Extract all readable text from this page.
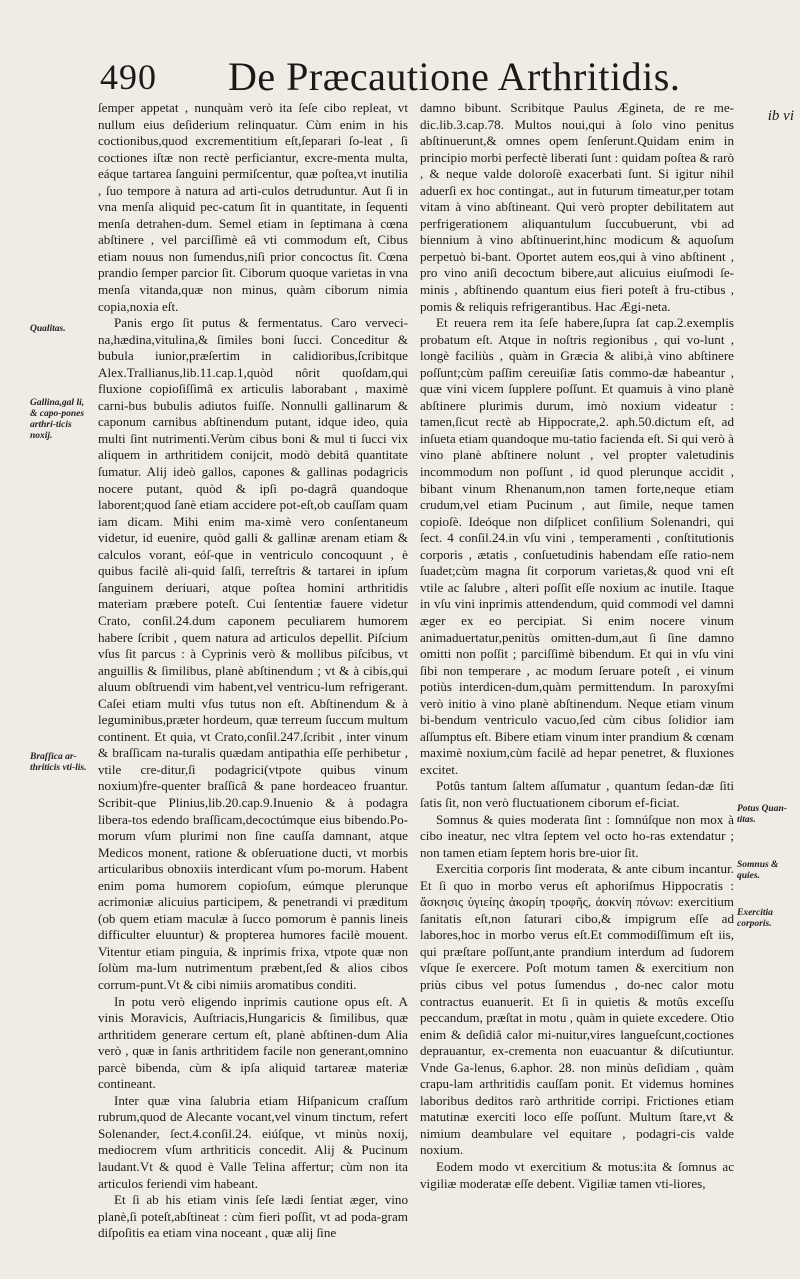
490 De Præcautione Arthritidis.
ib vi

ſemper appetat , nunquàm verò ita ſeſe cibo repleat, vt nullum eius deſiderium relinquatur. Cùm enim in his coctionibus,quod excrementitium eſt,ſeparari ſo-leat , ſi coctiones iſtæ non rectè perficiantur, excre-menta multa, eáque tartarea ſanguini permiſcentur, quæ poſtea,vt inutilia , ſuo tempore à natura ad arti-culos detruduntur. Aut ſi in vna menſa aliquid pec-catum ſit in quantitate, in ſequenti menſa detrahen-dum. Semel etiam in ſeptimana à cœna abſtinere , vel parciſſimè eâ vti commodum eſt, Cibus etiam nouus non ſumendus,niſi prior concoctus ſit. Cœna prandio ſemper parcior ſit. Ciborum quoque varietas in vna menſa vitanda,quæ non minus, quàm ciborum nimia copia,noxia eſt.

Panis ergo ſit putus & fermentatus. Caro verveci-na,hædina,vitulina,& ſimiles boni ſucci. Conceditur & bubula iunior,præſertim in calidioribus,ſcribitque Alex.Trallianus,lib.11.cap.1,quòd nôrit quoſdam,qui fluxione copioſiſſimâ ex articulis laborabant , maximè carni-bus bubulis adiutos fuiſſe. Nonnulli gallinarum & caponum carnibus abſtinendum putant, idque ideo, quia multi ſint nutrimenti.Verùm cibus boni & mul ti ſucci vix aliquem in arthritidem conijcit, modò debitâ quantitate ſumatur. Alij ideò gallos, capones & gallinas podagricis nocere putant, quòd & ipſi po-dagrâ quandoque laborent;quod ſanè etiam accidere pot-eſt,ob cauſſam quam iam dicam. Mihi enim ma-ximè vero conſentaneum videtur, id euenire, quòd galli & gallinæ arenam etiam & calculos vorant, eóſ-que in ventriculo concoquunt , è quibus facilè ali-quid ſalſi, terreſtris & tartarei in ipſum ſanguinem deriuari, atque poſtea homini arthritidis materiam præbere poteſt. Cui ſententiæ fauere videtur Crato, conſil.24.dum caponem peculiarem humorem habere ſcribit , quem natura ad articulos depellit. Piſcium vſus ſit parcus : à Cyprinis verò & mollibus piſcibus, vt anguillis & ſimilibus, planè abſtinendum ; vt & à cibis,qui aluum obſtruendi vim habent,vel ventricu-lum refrigerant. Caſei etiam multi vſus tutus non eſt. Abſtinendum & à leguminibus,præter hordeum, quæ terreum ſuccum multum continent. Et quia, vt Crato,conſil.247.ſcribit , inter vinum & braſſicam na-turalis quædam antipathia eſſe perhibetur , vtile cre-ditur,ſi podagrici(vtpote quibus vinum noxium)fre-quenter braſſicâ & pane hordeaceo fruantur. Scribit-que Plinius,lib.20.cap.9.Inuenio & à podagra libera-tos edendo braſſicam,decoctúmque eius bibendo.Po-morum vſum plurimi non ſine cauſſa damnant, atque Medicos monent, ratione & obſeruatione ducti, vt morbis articularibus obnoxiis interdicant vſum po-morum. Habent enim poma humorem copioſum, eúmque plerunque acrimoniæ alicuius participem, & penetrandi vi præditum (ob quem etiam maculæ à ſucco pomorum è pannis lineis difficulter eluuntur) & propterea humores facilè mouent. Vitentur etiam pinguia, & inprimis frixa, vtpote quæ non ſolùm ma-lum nutrimentum præbent,ſed & alios cibos corrum-punt.Vt & cibi nimiis aromatibus conditi.

In potu verò eligendo inprimis cautione opus eſt. A vinis Moravicis, Auſtriacis,Hungaricis & ſimilibus, quæ arthritidem generare certum eſt, planè abſtinen-dum Alia verò , quæ in ſanis arthritidem facile non generant,omnino parcè bibenda, cùm & ipſa aliquid tartareæ materiæ contineant.

Inter quæ vina ſalubria etiam Hiſpanicum craſſum rubrum,quod de Alecante vocant,vel vinum tinctum, refert Solenander, ſect.4.conſil.24. eiúſque, vt minùs noxij, mediocrem vſum arthriticis concedit. Alij & Pucinum laudant.Vt & quod è Valle Telina affertur; cùm non ita articulos feriendi vim habeant.

Et ſi ab his etiam vinis ſeſe lædi ſentiat æger, vino planè,ſi poteſt,abſtineat : cùm fieri poſſit, vt ad poda-gram diſpoſitis ea etiam vina noceant , quæ alij ſine

damno bibunt. Scribitque Paulus Ægineta, de re me-dic.lib.3.cap.78. Multos noui,qui à ſolo vino penitus abſtinuerunt,& omnes opem ſenſerunt.Quidam enim in principio morbi perfectè liberati ſunt : quidam poſtea & rarò , & neque valde doloroſè exacerbati ſunt. Si igitur nihil aduerſi ex hoc contingat., aut in futurum timeatur,per totam vitam à vino abſtineant. Qui verò propter debilitatem aut perfrigerationem aliquantulum ſuccubuerunt, vbi ad biennium à vino abſtinuerint,hinc modicum & aquoſum perpetuò bi-bant. Oportet autem eos,qui à vino abſtinent , pro vino aniſi decoctum bibere,aut alicuius eiuſmodi ſe-minis , abſtinendo quantum eius fieri poteſt à fru-ctibus , pomis & reliquis refrigerantibus. Hac Ægi-neta.

Et reuera rem ita ſeſe habere,ſupra ſat cap.2.exemplis probatum eſt. Atque in noſtris regionibus , qui vo-lunt , longè faciliùs , quàm in Græcia & alibi,à vino abſtinere poſſunt;cùm paſſim cereuiſiæ ſatis commo-dæ habeantur , quæ vini vicem ſupplere poſſunt. Et quamuis à vino planè abſtinere plurimis durum, imò noxium videatur : tamen,ſicut rectè ab Hippocrate,2. aph.50.dictum eſt, ad inſueta etiam quandoque mu-tatio facienda eſt. Si qui verò à vino planè abſtinere nolunt , vel propter valetudinis incommodum non poſſunt , id quod plerunque accidit , bibant vinum Rhenanum,non tamen forte,neque etiam crudum,vel etiam Pucinum , aut ſimile, neque tamen copioſè. Ideóque non diſplicet conſilium Solenandri, qui ſect. 4 conſil.24.in vſu vini , temperamenti , conſtitutionis corporis , ætatis , conſuetudinis habendam eſſe ratio-nem ſuadet;cùm magna ſit corporum varietas,& quod vni eſt vtile ac ſalubre , alteri poſſit eſſe noxium ac inutile. Itaque in vſu vini inprimis attendendum, quid commodi vel damni æger ex eo percipiat. Si enim nocere vinum animaduertatur,penitùs omitten-dum,aut ſi ſine damno omitti non poſſit ; parciſſimè bibendum. Et qui in vſu vini ſibi non temperare , ac modum ſeruare poteſt , ei vinum potiùs interdicen-dum,quàm permittendum. In paroxyſmi verò initio à vino planè abſtinendum. Neque etiam vinum bi-bendum ventriculo vacuo,ſed cùm cibus ſolidior iam aſſumptus eſt. Bibere etiam vinum inter prandium & cœnam maximè noxium,cùm facilè ad hepar penetret, & fluxiones excitet.

Potûs tantum ſaltem aſſumatur , quantum ſedan-dæ ſiti ſatis ſit, non verò fluctuationem ciborum ef-ficiat.

Somnus & quies moderata ſint : ſomnúſque non mox à cibo ineatur, nec vltra ſeptem vel octo ho-ras extendatur ; non tamen etiam ſeptem horis bre-uior ſit.

Exercitia corporis ſint moderata, & ante cibum incantur. Et ſi quo in morbo verus eſt aphoriſmus Hippocratis : ἄσκησις ὑγιείης ἀκορίη τροφῆς, ἀοκνίη πόνων: exercitium ſanitatis eſt,non ſaturari cibo,& impigrum eſſe ad labores,hoc in morbo verus eſt.Et commodiſſimum eſt iis, qui præſtare poſſunt,ante prandium interdum ad ſudorem vſque ſe exercere. Poſt motum tamen & exercitium non priùs cibus vel potus ſumendus , do-nec calor motu contractus euanuerit. Et ſi in quietis & motûs exceſſu peccandum, præſtat in motu , quàm in quiete excedere. Otio enim & deſidiâ calor mi-nuitur,vires languеſcunt,coctiones deprauantur, ex-crementa non euacuantur & diſcutiuntur. Vnde Ga-lenus, 6.aphor. 28. non minùs deſidiam , quàm crapu-lam arthritidis cauſſam ponit. Et videmus homines laboribus deditos rarò arthritide corripi. Frictiones etiam matutinæ exerciti loco eſſe poſſunt. Multum ſtare,vt & nimium deambulare vel equitare , podagri-cis valde noxium.

Eodem modo vt exercitium & motus:ita & ſomnus ac vigiliæ moderatæ eſſe debent. Vigiliæ tamen vti-liores,

Qualitas.
Gallina,gal li, & capo-pones arthri-ticis noxij.
Braſſica ar-thriticis vti-lis.
Potus Quan-titas.
Somnus & quies.
Exercitia corporis.
